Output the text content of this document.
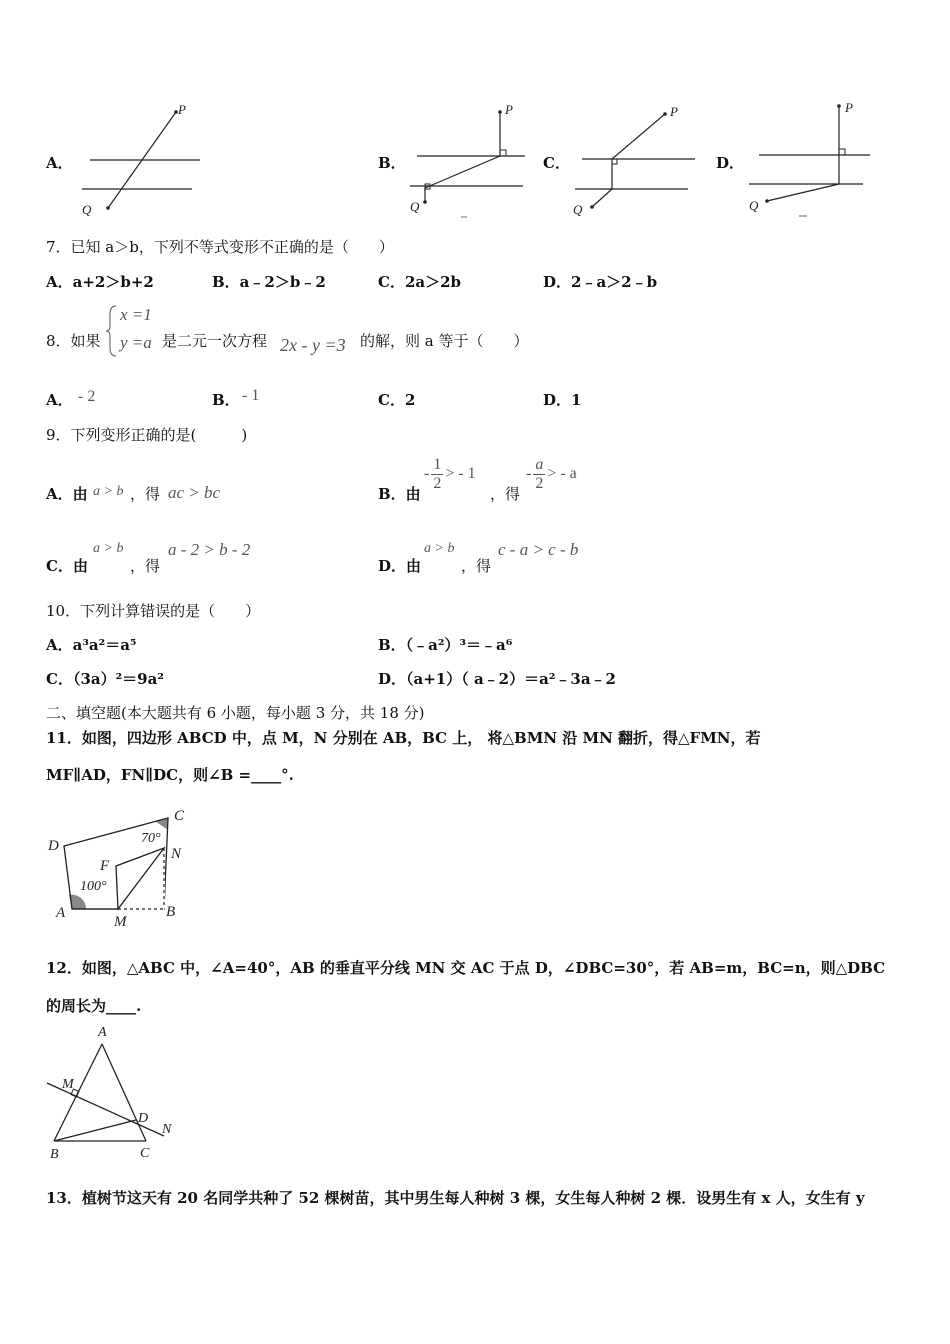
A．
P
Q
B．
P
Q
C．
P
Q
D．
P
Q
7．已知 a＞b，下列不等式变形不正确的是（　　）
A．a+2＞b+2	B．a﹣2＞b﹣2	C．2a＞2b	D．2﹣a＞2﹣b
8．如果
x =1
y =a 是二元一次方程 2x - y =3 的解，则 a 等于（　　）
A． - 2	B． - 1	C．2	D．1
9．下列变形正确的是(　　　)
A．由 a > b ，得 ac > bc	B．由
- $\frac{1}{2}$ > - 1
，得
- $\frac{a}{2}$ > - a
C．由
a > b
，得
a - 2 > b - 2
D．由
a > b
，得
c - a > c - b
10．下列计算错误的是（　　）
A．a³a²＝a⁵	B．（﹣a²）³＝﹣a⁶
C．（3a）²＝9a²	D．（a+1）（ a﹣2）＝a²﹣3a﹣2
二、填空题(本大题共有 6 小题，每小题 3 分，共 18 分)
11．如图，四边形 ABCD 中，点 M，N 分别在 AB，BC 上， 将△BMN 沿 MN 翻折，得△FMN，若
MF∥AD，FN∥DC，则∠B =____°.
D
C
70°
F
N
100°
A
M
B
12．如图，△ABC 中，∠A=40°，AB 的垂直平分线 MN 交 AC 于点 D，∠DBC=30°，若 AB=m，BC=n，则△DBC
的周长为____.
A
M
D
N
B	C
13．植树节这天有 20 名同学共种了 52 棵树苗，其中男生每人种树 3 棵，女生每人种树 2 棵．设男生有 x 人，女生有 y
